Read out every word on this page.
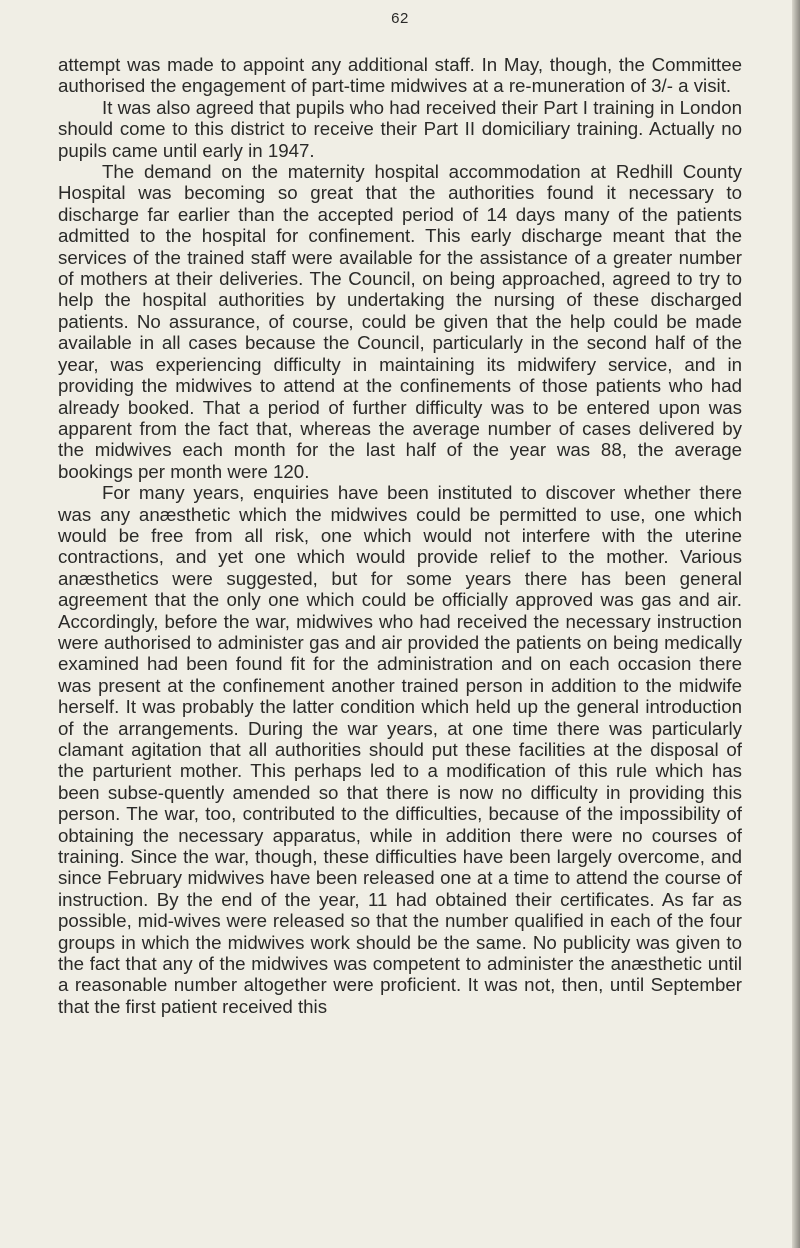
62

attempt was made to appoint any additional staff. In May, though, the Committee authorised the engagement of part-time midwives at a re-muneration of 3/- a visit.

It was also agreed that pupils who had received their Part I training in London should come to this district to receive their Part II domiciliary training. Actually no pupils came until early in 1947.

The demand on the maternity hospital accommodation at Redhill County Hospital was becoming so great that the authorities found it necessary to discharge far earlier than the accepted period of 14 days many of the patients admitted to the hospital for confinement. This early discharge meant that the services of the trained staff were available for the assistance of a greater number of mothers at their deliveries. The Council, on being approached, agreed to try to help the hospital authorities by undertaking the nursing of these discharged patients. No assurance, of course, could be given that the help could be made available in all cases because the Council, particularly in the second half of the year, was experiencing difficulty in maintaining its midwifery service, and in providing the midwives to attend at the confinements of those patients who had already booked. That a period of further difficulty was to be entered upon was apparent from the fact that, whereas the average number of cases delivered by the midwives each month for the last half of the year was 88, the average bookings per month were 120.

For many years, enquiries have been instituted to discover whether there was any anæsthetic which the midwives could be permitted to use, one which would be free from all risk, one which would not interfere with the uterine contractions, and yet one which would provide relief to the mother. Various anæsthetics were suggested, but for some years there has been general agreement that the only one which could be officially approved was gas and air. Accordingly, before the war, midwives who had received the necessary instruction were authorised to administer gas and air provided the patients on being medically examined had been found fit for the administration and on each occasion there was present at the confinement another trained person in addition to the midwife herself. It was probably the latter condition which held up the general introduction of the arrangements. During the war years, at one time there was particularly clamant agitation that all authorities should put these facilities at the disposal of the parturient mother. This perhaps led to a modification of this rule which has been subse-quently amended so that there is now no difficulty in providing this person. The war, too, contributed to the difficulties, because of the impossibility of obtaining the necessary apparatus, while in addition there were no courses of training. Since the war, though, these difficulties have been largely overcome, and since February midwives have been released one at a time to attend the course of instruction. By the end of the year, 11 had obtained their certificates. As far as possible, mid-wives were released so that the number qualified in each of the four groups in which the midwives work should be the same. No publicity was given to the fact that any of the midwives was competent to administer the anæsthetic until a reasonable number altogether were proficient. It was not, then, until September that the first patient received this
